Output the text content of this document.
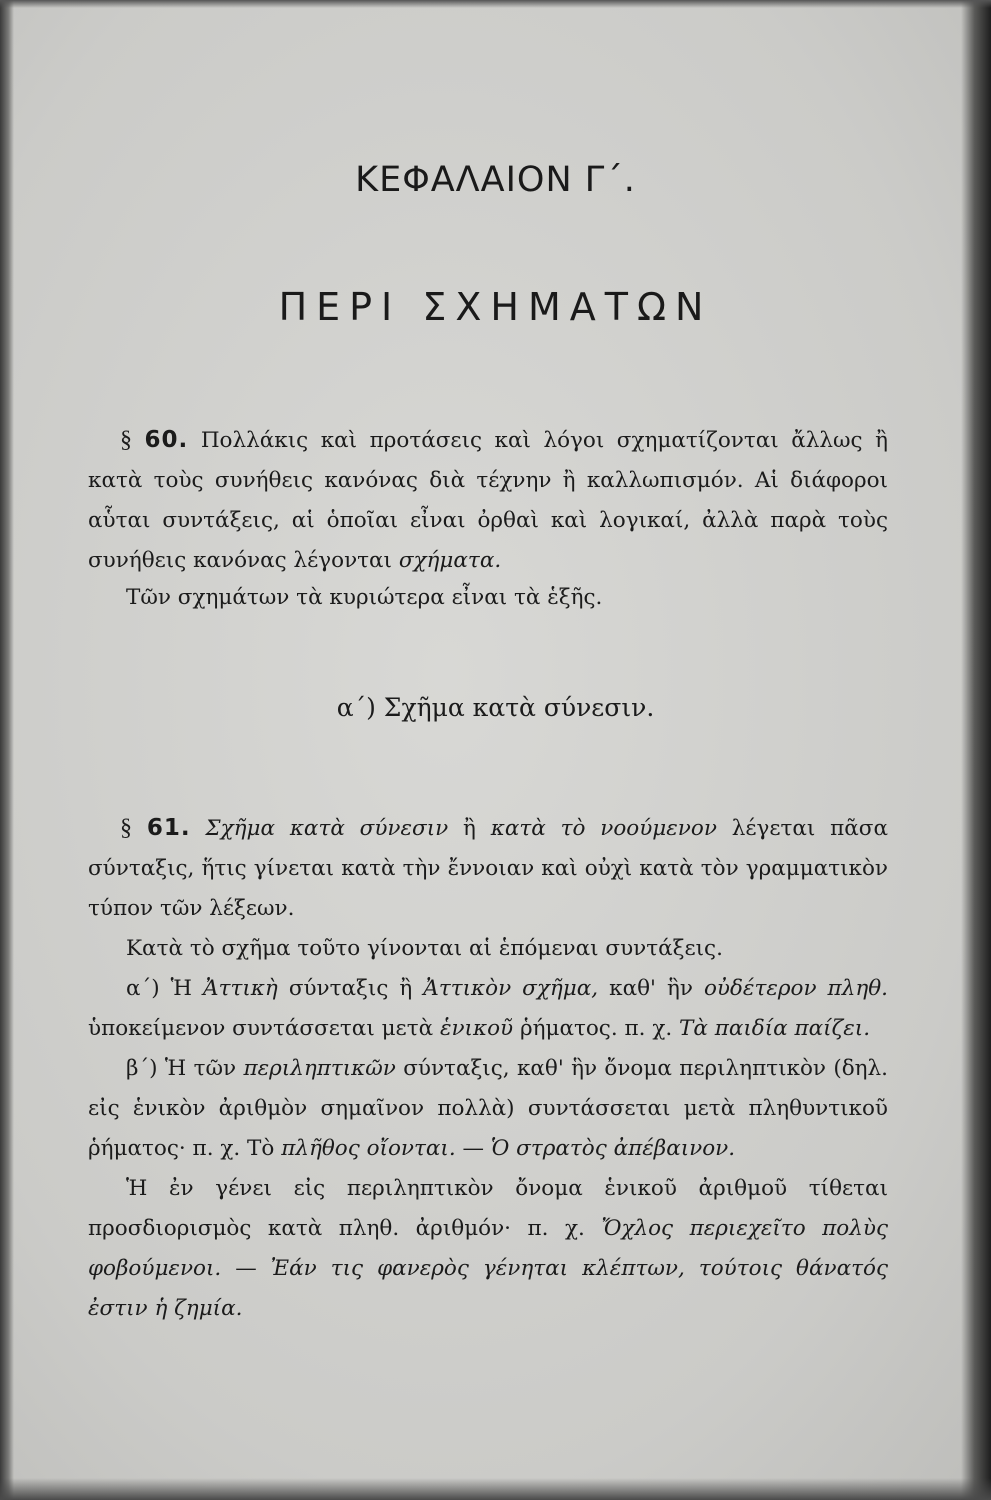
ΚΕΦΑΛΑΙΟΝ Γ΄.
ΠΕΡΙ ΣΧΗΜΑΤΩΝ

§ 60. Πολλάκις καὶ προτάσεις καὶ λόγοι σχηματίζονται ἄλλως ἢ κατὰ τοὺς συνήθεις κανόνας διὰ τέχνην ἢ καλλωπισμόν. Αἱ διάφοροι αὗται συντάξεις, αἱ ὁποῖαι εἶναι ὀρθαὶ καὶ λογικαί, ἀλλὰ παρὰ τοὺς συνήθεις κανόνας λέγονται σχήματα.

Τῶν σχημάτων τὰ κυριώτερα εἶναι τὰ ἑξῆς.

α΄) Σχῆμα κατὰ σύνεσιν.

§ 61. Σχῆμα κατὰ σύνεσιν ἢ κατὰ τὸ νοούμενον λέγεται πᾶσα σύνταξις, ἥτις γίνεται κατὰ τὴν ἔννοιαν καὶ οὐχὶ κατὰ τὸν γραμματικὸν τύπον τῶν λέξεων.

Κατὰ τὸ σχῆμα τοῦτο γίνονται αἱ ἑπόμεναι συντάξεις.

α΄) Ἡ Ἀττικὴ σύνταξις ἢ Ἀττικὸν σχῆμα, καθ' ἣν οὐδέτερον πληθ. ὑποκείμενον συντάσσεται μετὰ ἑνικοῦ ῥήματος. π. χ. Τὰ παιδία παίζει.

β΄) Ἡ τῶν περιληπτικῶν σύνταξις, καθ' ἣν ὄνομα περιληπτικὸν (δηλ. εἰς ἑνικὸν ἀριθμὸν σημαῖνον πολλὰ) συντάσσεται μετὰ πληθυντικοῦ ῥήματος· π. χ. Τὸ πλῆθος οἴονται. — Ὁ στρατὸς ἀπέβαινον.

Ἡ ἐν γένει εἰς περιληπτικὸν ὄνομα ἑνικοῦ ἀριθμοῦ τίθεται προσδιορισμὸς κατὰ πληθ. ἀριθμόν· π. χ. Ὄχλος περιεχεῖτο πολὺς φοβούμενοι. — Ἐάν τις φανερὸς γένηται κλέπτων, τούτοις θάνατός ἐστιν ἡ ζημία.
